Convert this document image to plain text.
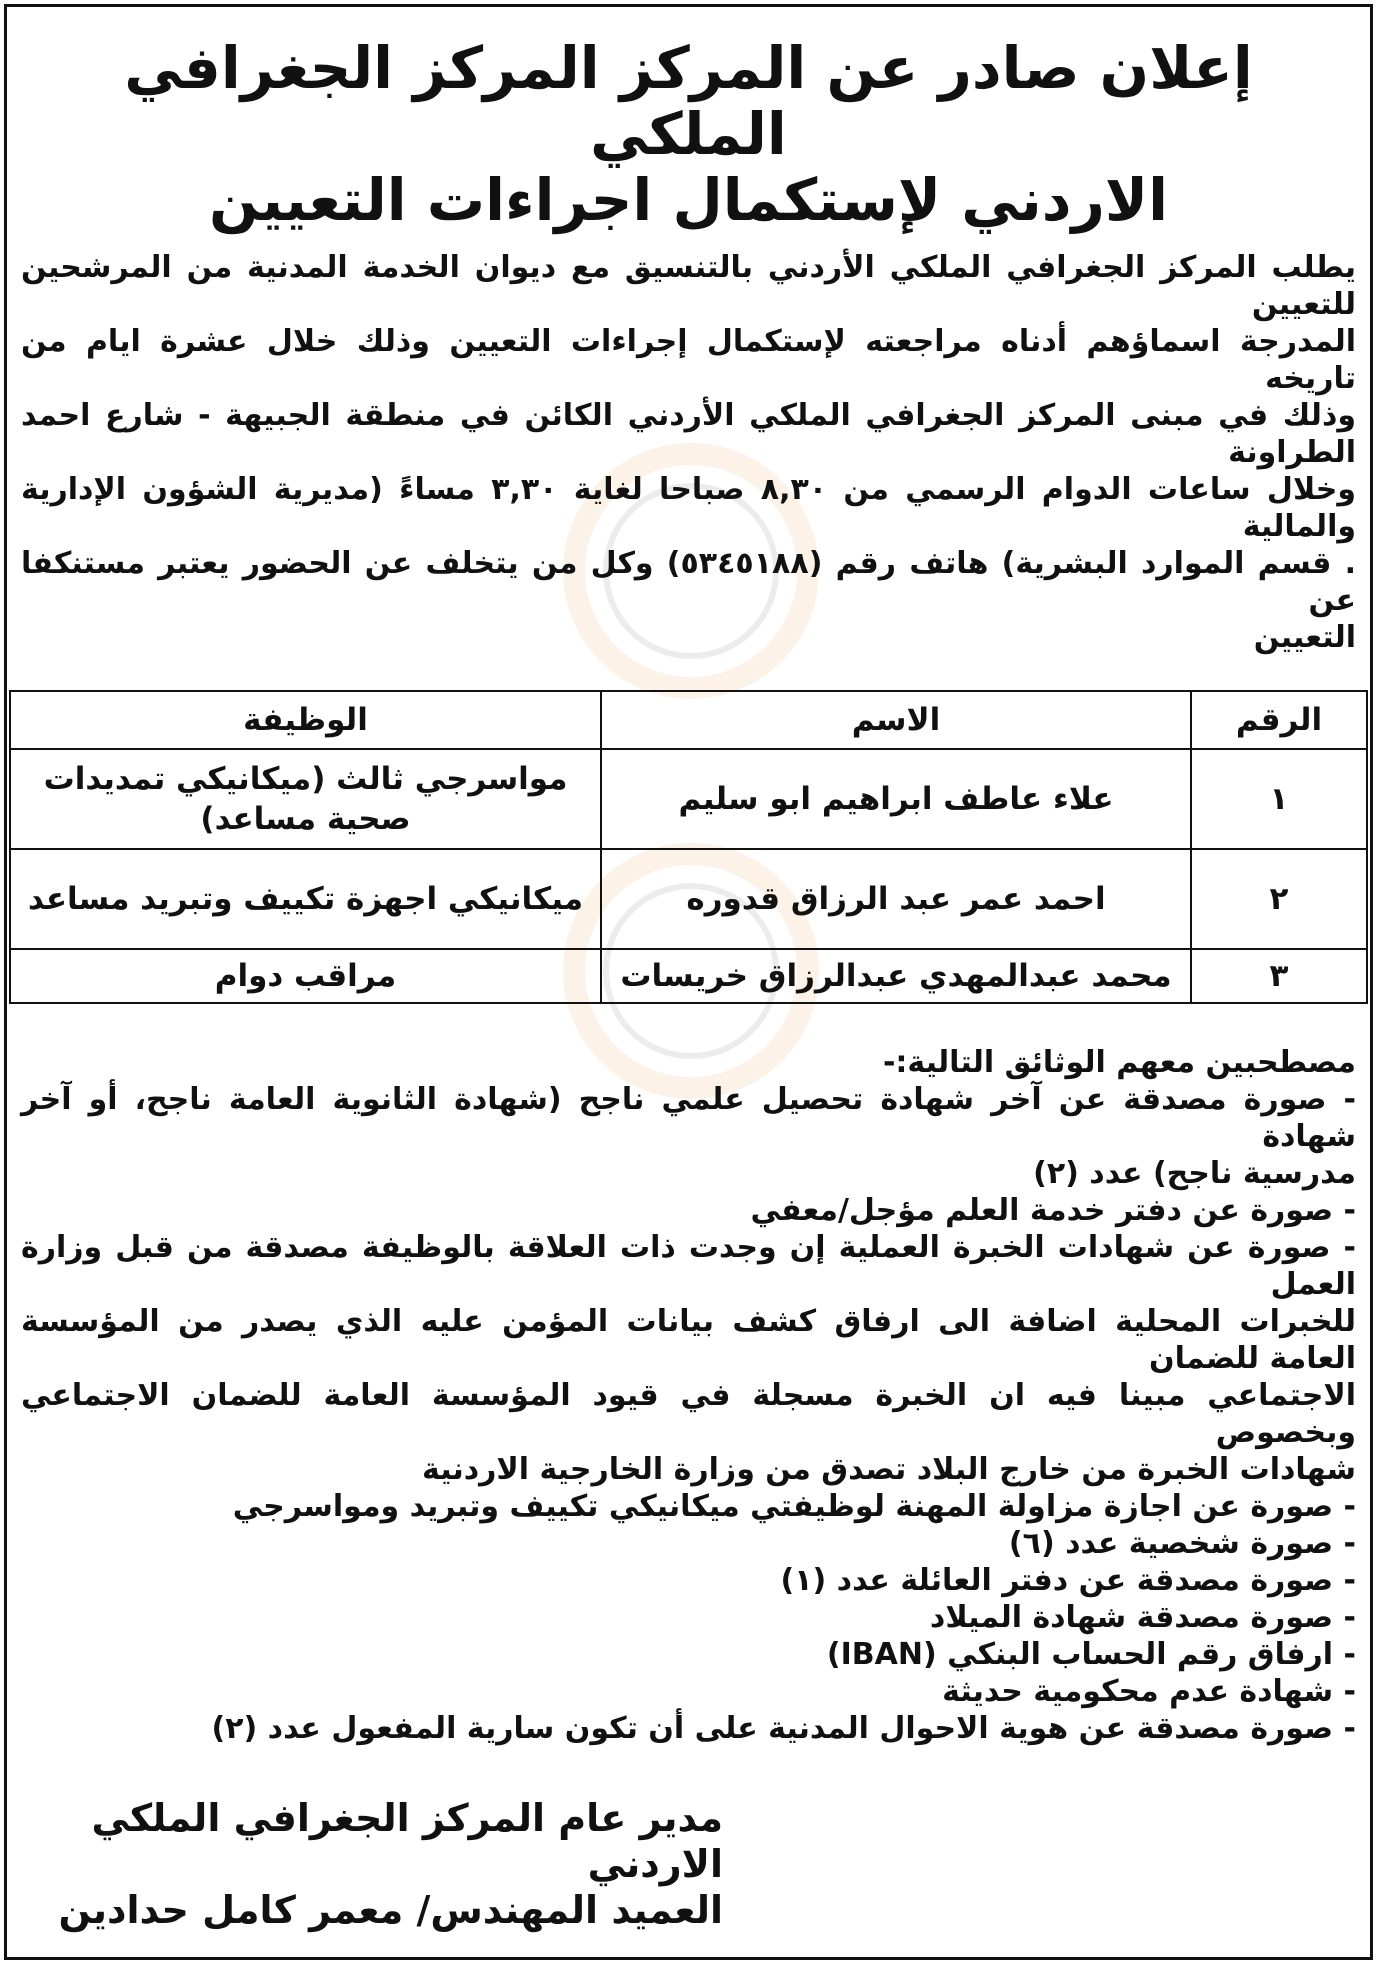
إعلان صادر عن المركز المركز الجغرافي الملكي
الاردني لإستكمال اجراءات التعيين
يطلب المركز الجغرافي الملكي الأردني بالتنسيق مع ديوان الخدمة المدنية من المرشحين للتعيين
المدرجة اسماؤهم أدناه مراجعته لإستكمال إجراءات التعيين وذلك خلال عشرة ايام من تاريخه
وذلك في مبنى المركز الجغرافي الملكي الأردني الكائن في منطقة الجبيهة - شارع احمد الطراونة
وخلال ساعات الدوام الرسمي من ٨,٣٠ صباحا لغاية ٣,٣٠ مساءً (مديرية الشؤون الإدارية والمالية
. قسم الموارد البشرية) هاتف رقم (٥٣٤٥١٨٨) وكل من يتخلف عن الحضور يعتبر مستنكفا عن
التعيين
الرقم	الاسم	الوظيفة
١	علاء عاطف ابراهيم ابو سليم	مواسرجي ثالث (ميكانيكي تمديدات صحية مساعد)
٢	احمد عمر عبد الرزاق قدوره	ميكانيكي اجهزة تكييف وتبريد مساعد
٣	محمد عبدالمهدي عبدالرزاق خريسات	مراقب دوام
مصطحبين معهم الوثائق التالية:-
- صورة مصدقة عن آخر شهادة تحصيل علمي ناجح (شهادة الثانوية العامة ناجح، أو آخر شهادة
مدرسية ناجح) عدد (٢)
- صورة عن دفتر خدمة العلم مؤجل/معفي
- صورة عن شهادات الخبرة العملية إن وجدت ذات العلاقة بالوظيفة مصدقة من قبل وزارة العمل
للخبرات المحلية اضافة الى ارفاق كشف بيانات المؤمن عليه الذي يصدر من المؤسسة العامة للضمان
الاجتماعي مبينا فيه ان الخبرة مسجلة في قيود المؤسسة العامة للضمان الاجتماعي وبخصوص
شهادات الخبرة من خارج البلاد تصدق من وزارة الخارجية الاردنية
- صورة عن اجازة مزاولة المهنة لوظيفتي ميكانيكي تكييف وتبريد ومواسرجي
- صورة شخصية عدد (٦)
- صورة مصدقة عن دفتر العائلة عدد (١)
- صورة مصدقة شهادة الميلاد
- ارفاق رقم الحساب البنكي (IBAN)
- شهادة عدم محكومية حديثة
- صورة مصدقة عن هوية الاحوال المدنية على أن تكون سارية المفعول عدد (٢)
مدير عام المركز الجغرافي الملكي الاردني
العميد المهندس/ معمر كامل حدادين
